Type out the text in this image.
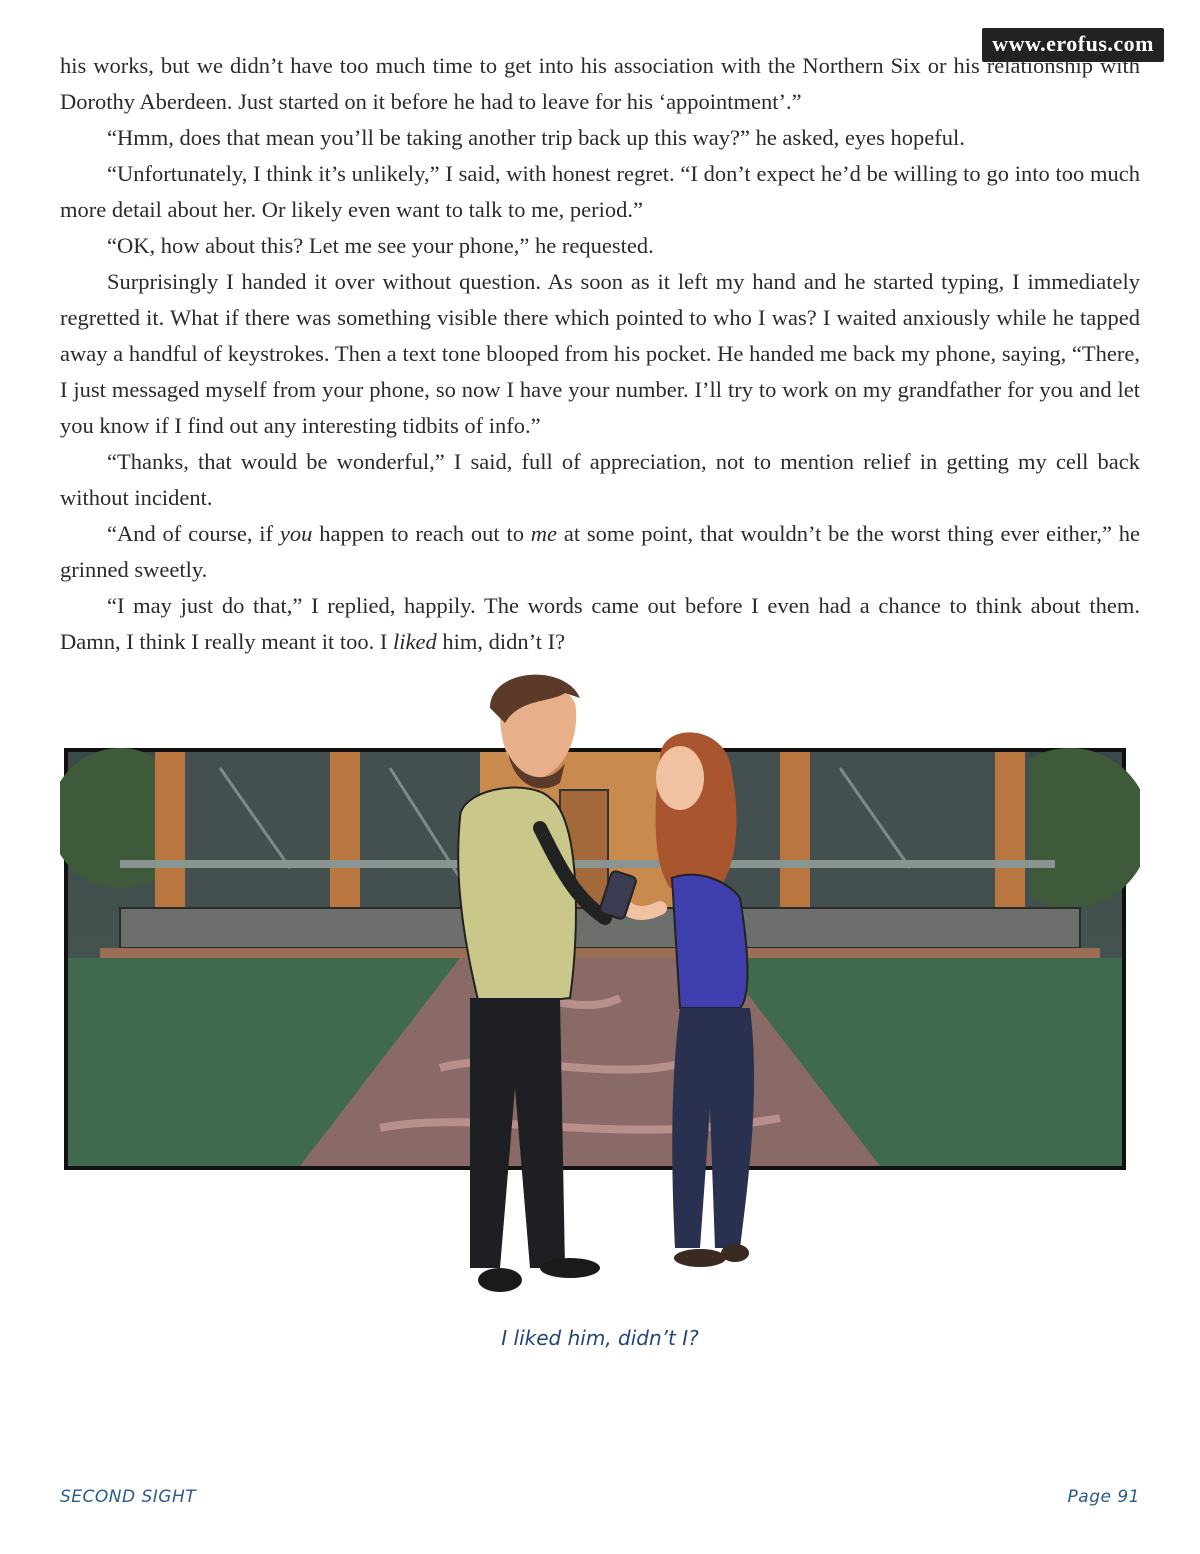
www.erofus.com

his works, but we didn’t have too much time to get into his association with the Northern Six or his relationship with Dorothy Aberdeen. Just started on it before he had to leave for his ‘appointment’.”

“Hmm, does that mean you’ll be taking another trip back up this way?” he asked, eyes hopeful.

“Unfortunately, I think it’s unlikely,” I said, with honest regret. “I don’t expect he’d be willing to go into too much more detail about her. Or likely even want to talk to me, period.”

“OK, how about this? Let me see your phone,” he requested.

Surprisingly I handed it over without question. As soon as it left my hand and he started typing, I immediately regretted it. What if there was something visible there which pointed to who I was? I waited anxiously while he tapped away a handful of keystrokes. Then a text tone blooped from his pocket. He handed me back my phone, saying, “There, I just messaged myself from your phone, so now I have your number. I’ll try to work on my grandfather for you and let you know if I find out any interesting tidbits of info.”

“Thanks, that would be wonderful,” I said, full of appreciation, not to mention relief in getting my cell back without incident.

“And of course, if you happen to reach out to me at some point, that wouldn’t be the worst thing ever either,” he grinned sweetly.

“I may just do that,” I replied, happily. The words came out before I even had a chance to think about them. Damn, I think I really meant it too. I liked him, didn’t I?

I liked him, didn’t I?
SECOND SIGHT	Page 91
